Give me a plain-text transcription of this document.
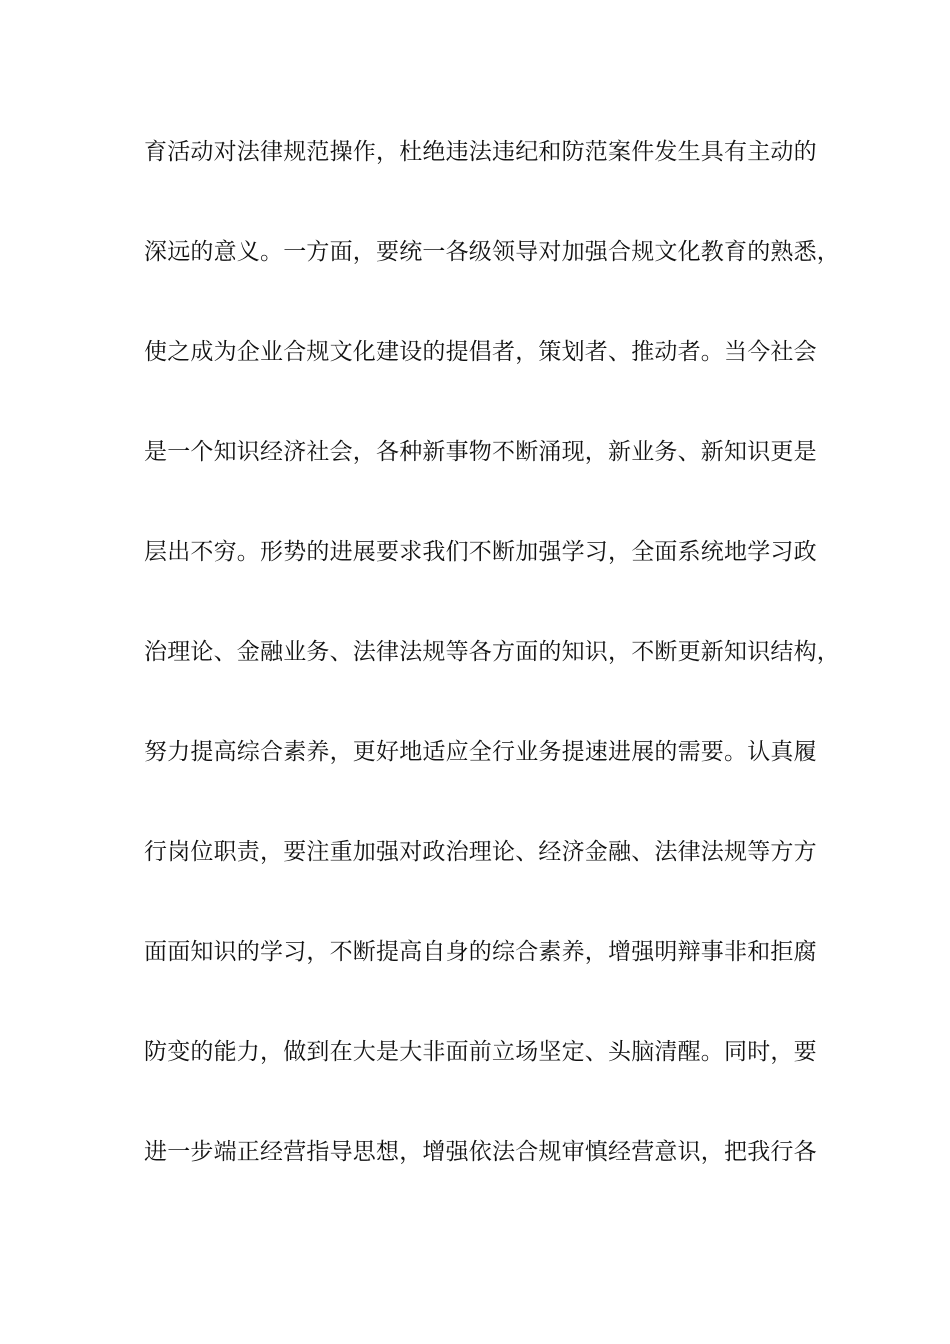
育活动对法律规范操作，杜绝违法违纪和防范案件发生具有主动的
深远的意义。一方面，要统一各级领导对加强合规文化教育的熟悉，
使之成为企业合规文化建设的提倡者，策划者、推动者。当今社会
是一个知识经济社会，各种新事物不断涌现，新业务、新知识更是
层出不穷。形势的进展要求我们不断加强学习，全面系统地学习政
治理论、金融业务、法律法规等各方面的知识，不断更新知识结构，
努力提高综合素养，更好地适应全行业务提速进展的需要。认真履
行岗位职责，要注重加强对政治理论、经济金融、法律法规等方方
面面知识的学习，不断提高自身的综合素养，增强明辩事非和拒腐
防变的能力，做到在大是大非面前立场坚定、头脑清醒。同时，要
进一步端正经营指导思想，增强依法合规审慎经营意识，把我行各
